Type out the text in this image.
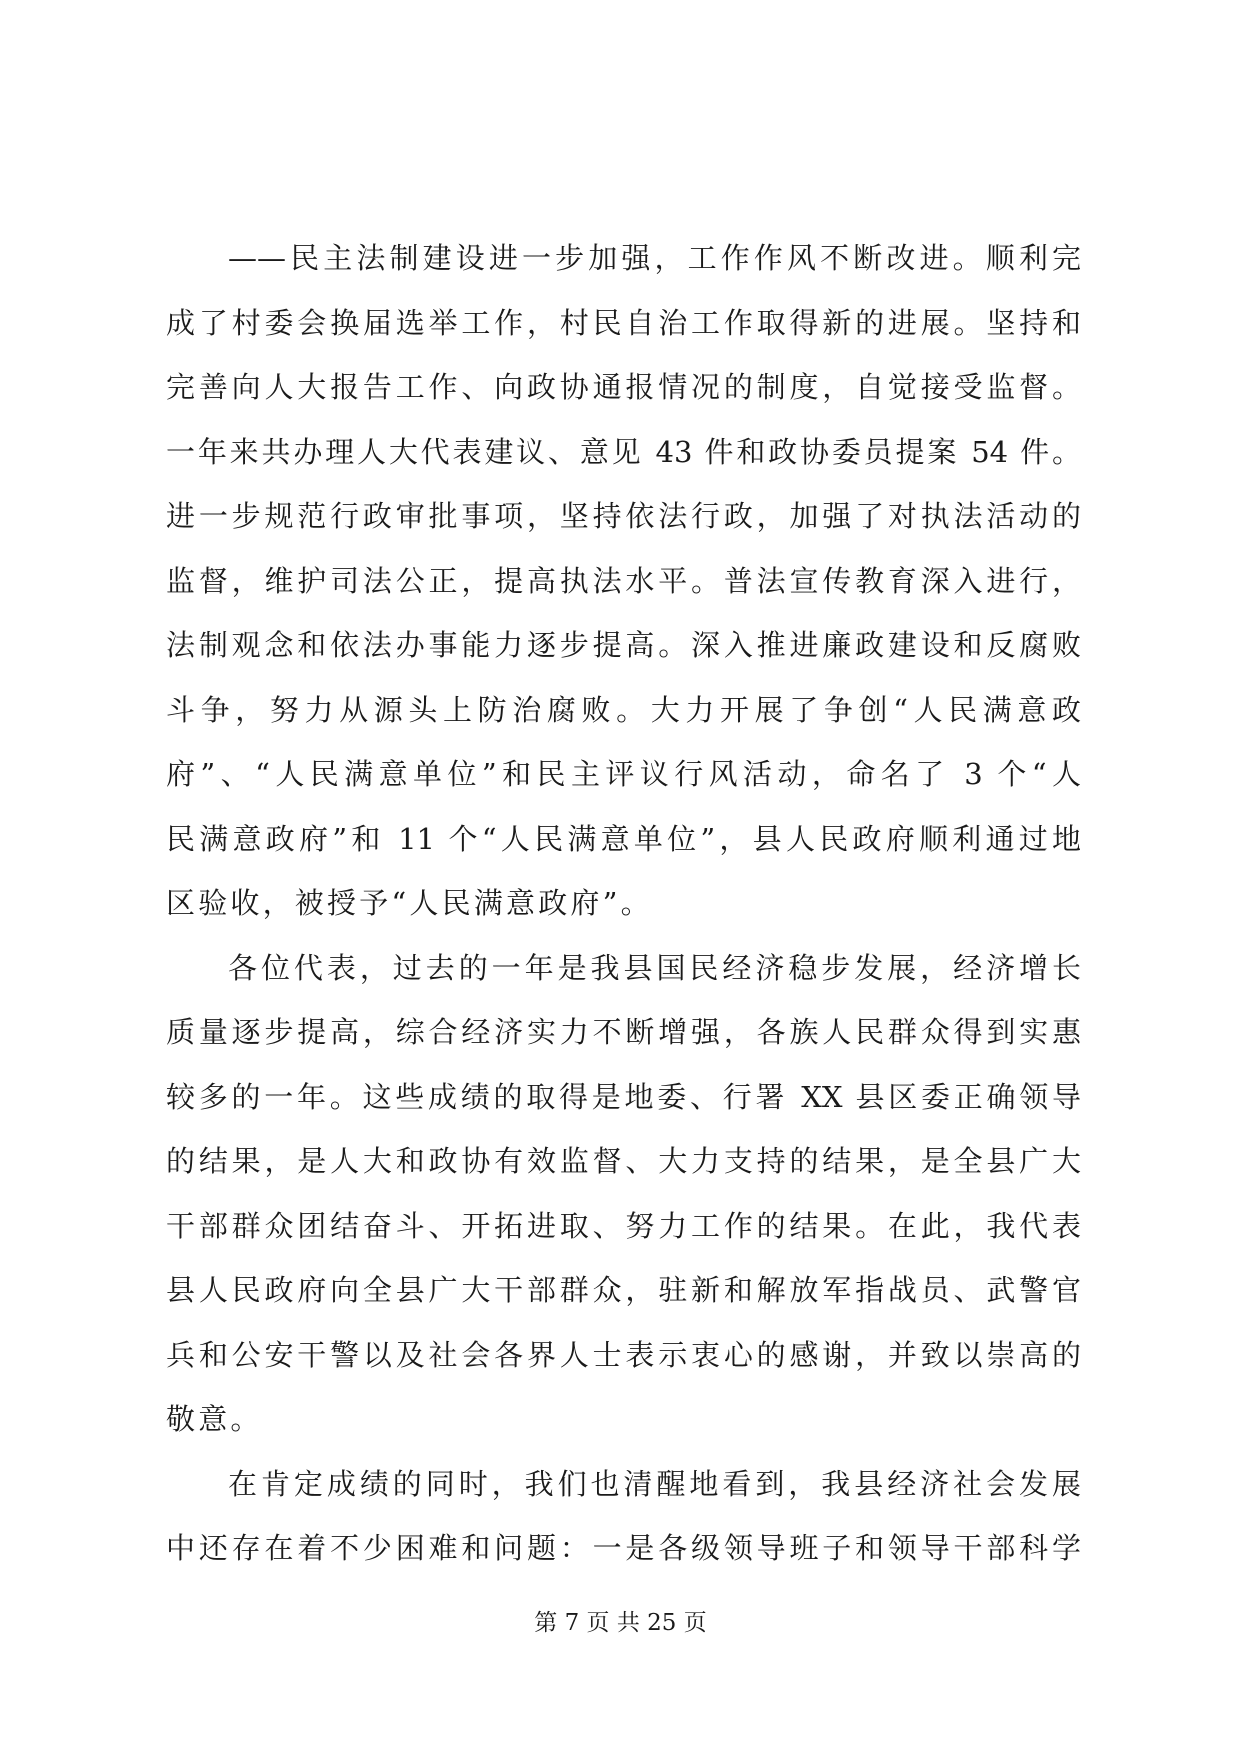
——民主法制建设进一步加强，工作作风不断改进。顺利完
成了村委会换届选举工作，村民自治工作取得新的进展。坚持和
完善向人大报告工作、向政协通报情况的制度，自觉接受监督。
一年来共办理人大代表建议、意见 43 件和政协委员提案 54 件。
进一步规范行政审批事项，坚持依法行政，加强了对执法活动的
监督，维护司法公正，提高执法水平。普法宣传教育深入进行，
法制观念和依法办事能力逐步提高。深入推进廉政建设和反腐败
斗争，努力从源头上防治腐败。大力开展了争创“人民满意政
府”、“人民满意单位”和民主评议行风活动，命名了 3 个“人
民满意政府”和 11 个“人民满意单位”，县人民政府顺利通过地
区验收，被授予“人民满意政府”。
各位代表，过去的一年是我县国民经济稳步发展，经济增长
质量逐步提高，综合经济实力不断增强，各族人民群众得到实惠
较多的一年。这些成绩的取得是地委、行署 XX 县区委正确领导
的结果，是人大和政协有效监督、大力支持的结果，是全县广大
干部群众团结奋斗、开拓进取、努力工作的结果。在此，我代表
县人民政府向全县广大干部群众，驻新和解放军指战员、武警官
兵和公安干警以及社会各界人士表示衷心的感谢，并致以崇高的
敬意。
在肯定成绩的同时，我们也清醒地看到，我县经济社会发展
中还存在着不少困难和问题：一是各级领导班子和领导干部科学
第 7 页 共 25 页
